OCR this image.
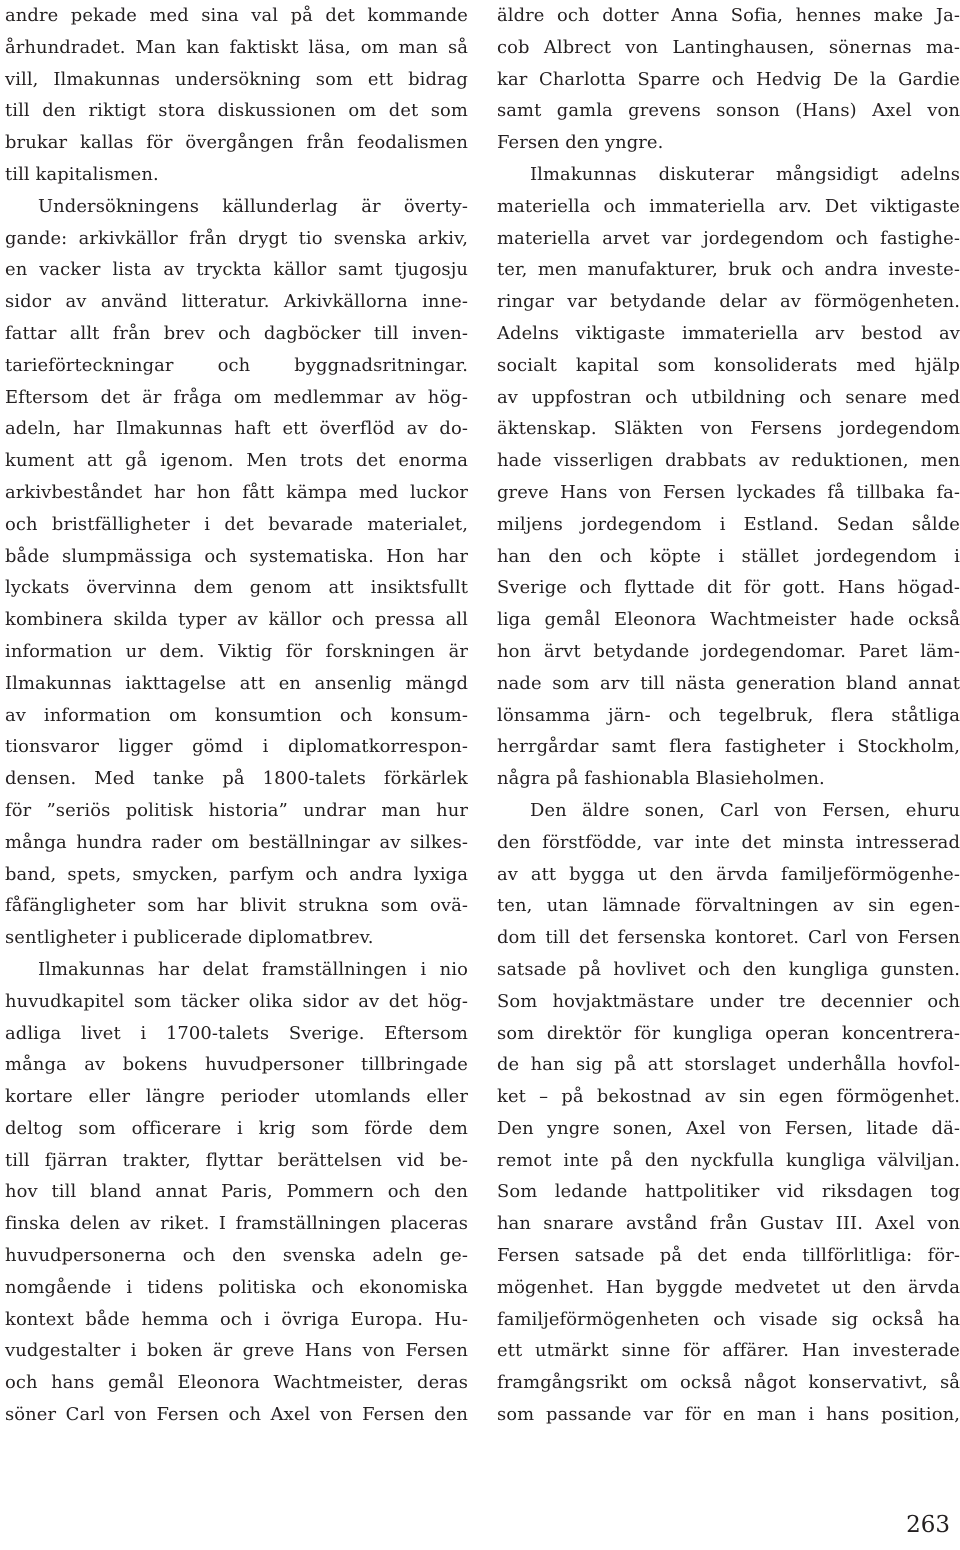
andre pekade med sina val på det kommande
århundradet. Man kan faktiskt läsa, om man så
vill, Ilmakunnas undersökning som ett bidrag
till den riktigt stora diskussionen om det som
brukar kallas för övergången från feodalismen
till kapitalismen.
Undersökningens källunderlag är överty-
gande: arkivkällor från drygt tio svenska arkiv,
en vacker lista av tryckta källor samt tjugosju
sidor av använd litteratur. Arkivkällorna inne-
fattar allt från brev och dagböcker till inven-
tarieförteckningar och byggnadsritningar.
Eftersom det är fråga om medlemmar av hög-
adeln, har Ilmakunnas haft ett överflöd av do-
kument att gå igenom. Men trots det enorma
arkivbeståndet har hon fått kämpa med luckor
och bristfälligheter i det bevarade materialet,
både slumpmässiga och systematiska. Hon har
lyckats övervinna dem genom att insiktsfullt
kombinera skilda typer av källor och pressa all
information ur dem. Viktig för forskningen är
Ilmakunnas iakttagelse att en ansenlig mängd
av information om konsumtion och konsum-
tionsvaror ligger gömd i diplomatkorrespon-
densen. Med tanke på 1800-talets förkärlek
för ”seriös politisk historia” undrar man hur
många hundra rader om beställningar av silkes-
band, spets, smycken, parfym och andra lyxiga
fåfängligheter som har blivit strukna som ovä-
sentligheter i publicerade diplomatbrev.
Ilmakunnas har delat framställningen i nio
huvudkapitel som täcker olika sidor av det hög-
adliga livet i 1700-talets Sverige. Eftersom
många av bokens huvudpersoner tillbringade
kortare eller längre perioder utomlands eller
deltog som officerare i krig som förde dem
till fjärran trakter, flyttar berättelsen vid be-
hov till bland annat Paris, Pommern och den
finska delen av riket. I framställningen placeras
huvudpersonerna och den svenska adeln ge-
nomgående i tidens politiska och ekonomiska
kontext både hemma och i övriga Europa. Hu-
vudgestalter i boken är greve Hans von Fersen
och hans gemål Eleonora Wachtmeister, deras
söner Carl von Fersen och Axel von Fersen den
äldre och dotter Anna Sofia, hennes make Ja-
cob Albrect von Lantinghausen, sönernas ma-
kar Charlotta Sparre och Hedvig De la Gardie
samt gamla grevens sonson (Hans) Axel von
Fersen den yngre.
Ilmakunnas diskuterar mångsidigt adelns
materiella och immateriella arv. Det viktigaste
materiella arvet var jordegendom och fastighe-
ter, men manufakturer, bruk och andra investe-
ringar var betydande delar av förmögenheten.
Adelns viktigaste immateriella arv bestod av
socialt kapital som konsoliderats med hjälp
av uppfostran och utbildning och senare med
äktenskap. Släkten von Fersens jordegendom
hade visserligen drabbats av reduktionen, men
greve Hans von Fersen lyckades få tillbaka fa-
miljens jordegendom i Estland. Sedan sålde
han den och köpte i stället jordegendom i
Sverige och flyttade dit för gott. Hans högad-
liga gemål Eleonora Wachtmeister hade också
hon ärvt betydande jordegendomar. Paret läm-
nade som arv till nästa generation bland annat
lönsamma järn- och tegelbruk, flera ståtliga
herrgårdar samt flera fastigheter i Stockholm,
några på fashionabla Blasieholmen.
Den äldre sonen, Carl von Fersen, ehuru
den förstfödde, var inte det minsta intresserad
av att bygga ut den ärvda familjeförmögenhe-
ten, utan lämnade förvaltningen av sin egen-
dom till det fersenska kontoret. Carl von Fersen
satsade på hovlivet och den kungliga gunsten.
Som hovjaktmästare under tre decennier och
som direktör för kungliga operan koncentrera-
de han sig på att storslaget underhålla hovfol-
ket – på bekostnad av sin egen förmögenhet.
Den yngre sonen, Axel von Fersen, litade dä-
remot inte på den nyckfulla kungliga välviljan.
Som ledande hattpolitiker vid riksdagen tog
han snarare avstånd från Gustav III. Axel von
Fersen satsade på det enda tillförlitliga: för-
mögenhet. Han byggde medvetet ut den ärvda
familjeförmögenheten och visade sig också ha
ett utmärkt sinne för affärer. Han investerade
framgångsrikt om också något konservativt, så
som passande var för en man i hans position,
263
